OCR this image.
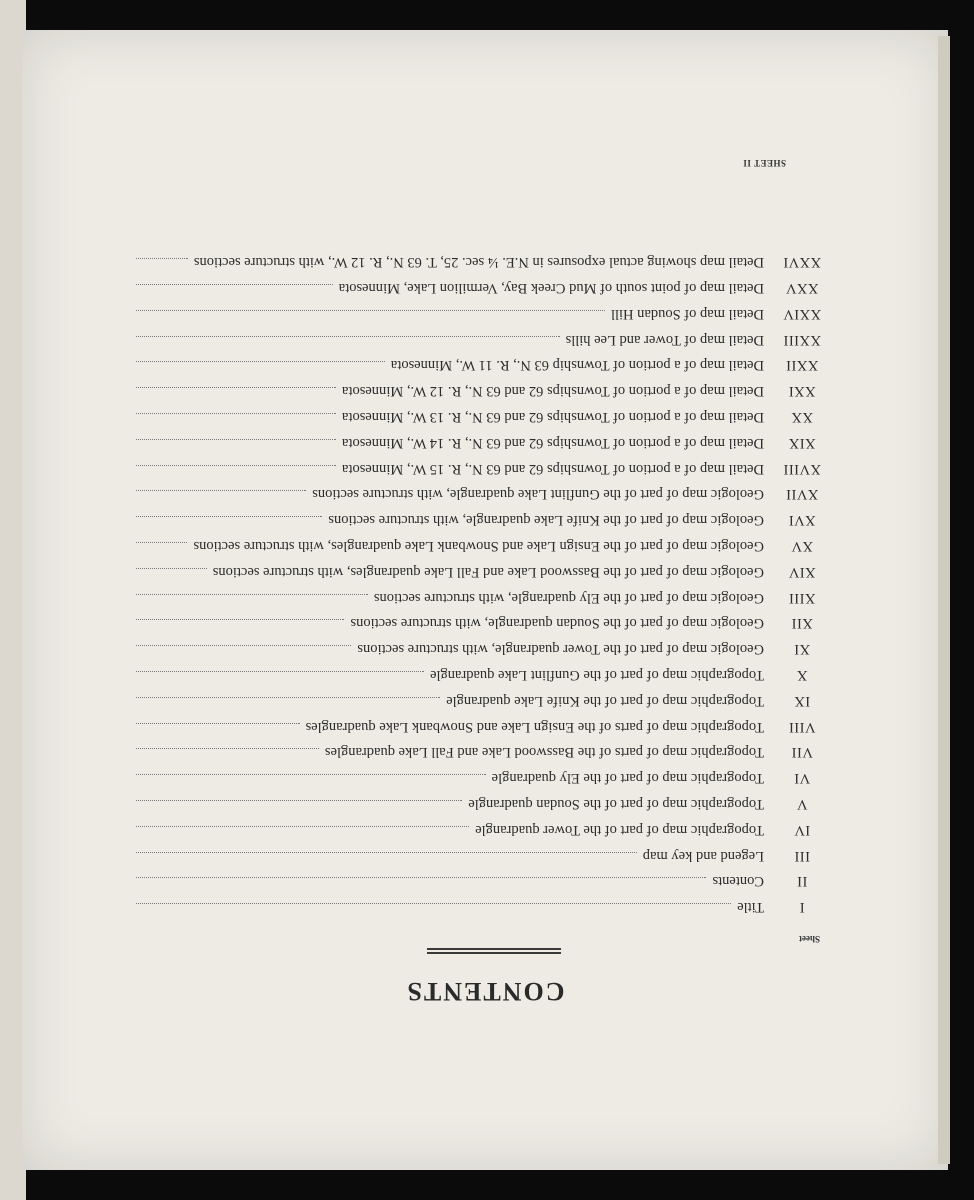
CONTENTS
Sheet
I
Title
II
Contents
III
Legend and key map
IV
Topographic map of part of the Tower quadrangle
V
Topographic map of part of the Soudan quadrangle
VI
Topographic map of part of the Ely quadrangle
VII
Topographic map of parts of the Basswood Lake and Fall Lake quadrangles
VIII
Topographic map of parts of the Ensign Lake and Snowbank Lake quadrangles
IX
Topographic map of part of the Knife Lake quadrangle
X
Topographic map of part of the Gunflint Lake quadrangle
XI
Geologic map of part of the Tower quadrangle, with structure sections
XII
Geologic map of part of the Soudan quadrangle, with structure sections
XIII
Geologic map of part of the Ely quadrangle, with structure sections
XIV
Geologic map of part of the Basswood Lake and Fall Lake quadrangles, with structure sections
XV
Geologic map of part of the Ensign Lake and Snowbank Lake quadrangles, with structure sections
XVI
Geologic map of part of the Knife Lake quadrangle, with structure sections
XVII
Geologic map of part of the Gunflint Lake quadrangle, with structure sections
XVIII
Detail map of a portion of Townships 62 and 63 N., R. 15 W., Minnesota
XIX
Detail map of a portion of Townships 62 and 63 N., R. 14 W., Minnesota
XX
Detail map of a portion of Townships 62 and 63 N., R. 13 W., Minnesota
XXI
Detail map of a portion of Townships 62 and 63 N., R. 12 W., Minnesota
XXII
Detail map of a portion of Township 63 N., R. 11 W., Minnesota
XXIII
Detail map of Tower and Lee hills
XXIV
Detail map of Soudan Hill
XXV
Detail map of point south of Mud Creek Bay, Vermilion Lake, Minnesota
XXVI
Detail map showing actual exposures in N.E. ¼ sec. 25, T. 63 N., R. 12 W., with structure sections
SHEET II
